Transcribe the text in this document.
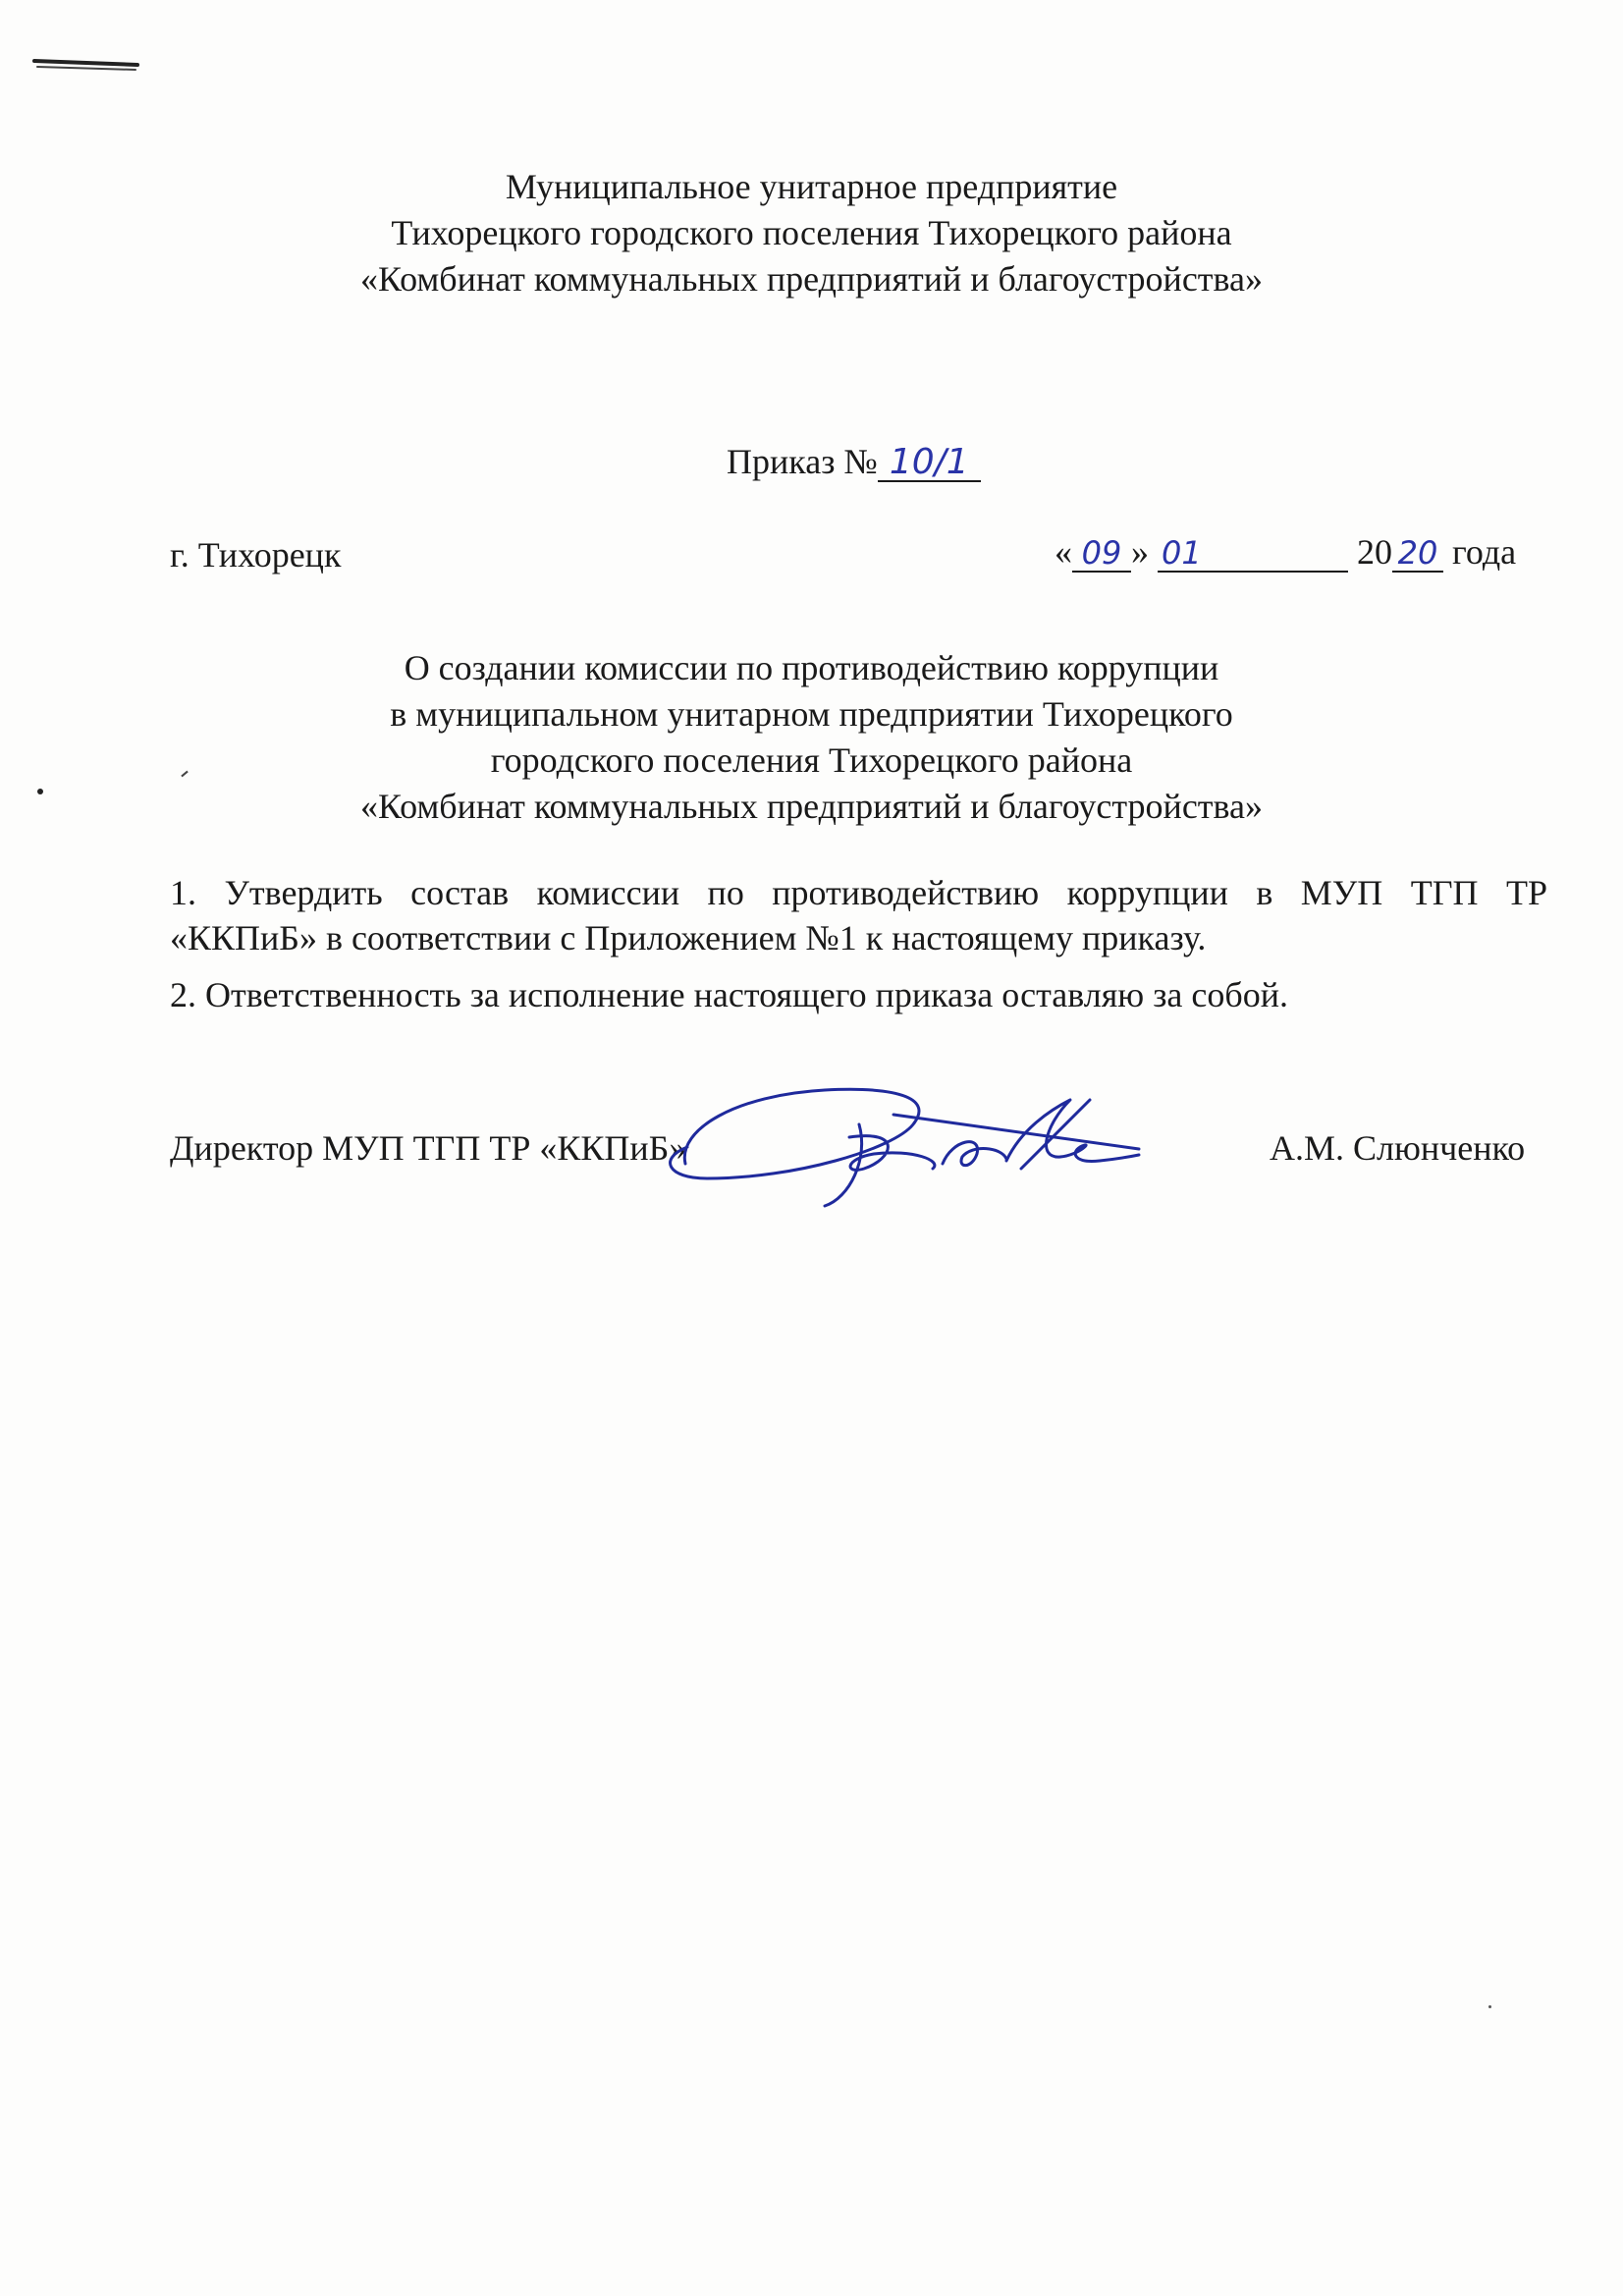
Муниципальное унитарное предприятие
Тихорецкого городского поселения Тихорецкого района
«Комбинат коммунальных предприятий и благоустройства»
Приказ № 10/1
г. Тихорецк	« 09 » 01	20 20 года
О создании комиссии по противодействию коррупции
в муниципальном унитарном предприятии Тихорецкого
городского поселения Тихорецкого района
«Комбинат коммунальных предприятий и благоустройства»
1. Утвердить состав комиссии по противодействию коррупции в МУП ТГП ТР
«ККПиБ» в соответствии с Приложением №1 к настоящему приказу.
2. Ответственность за исполнение настоящего приказа оставляю за собой.
Директор МУП ТГП ТР «ККПиБ»	А.М. Слюнченко
